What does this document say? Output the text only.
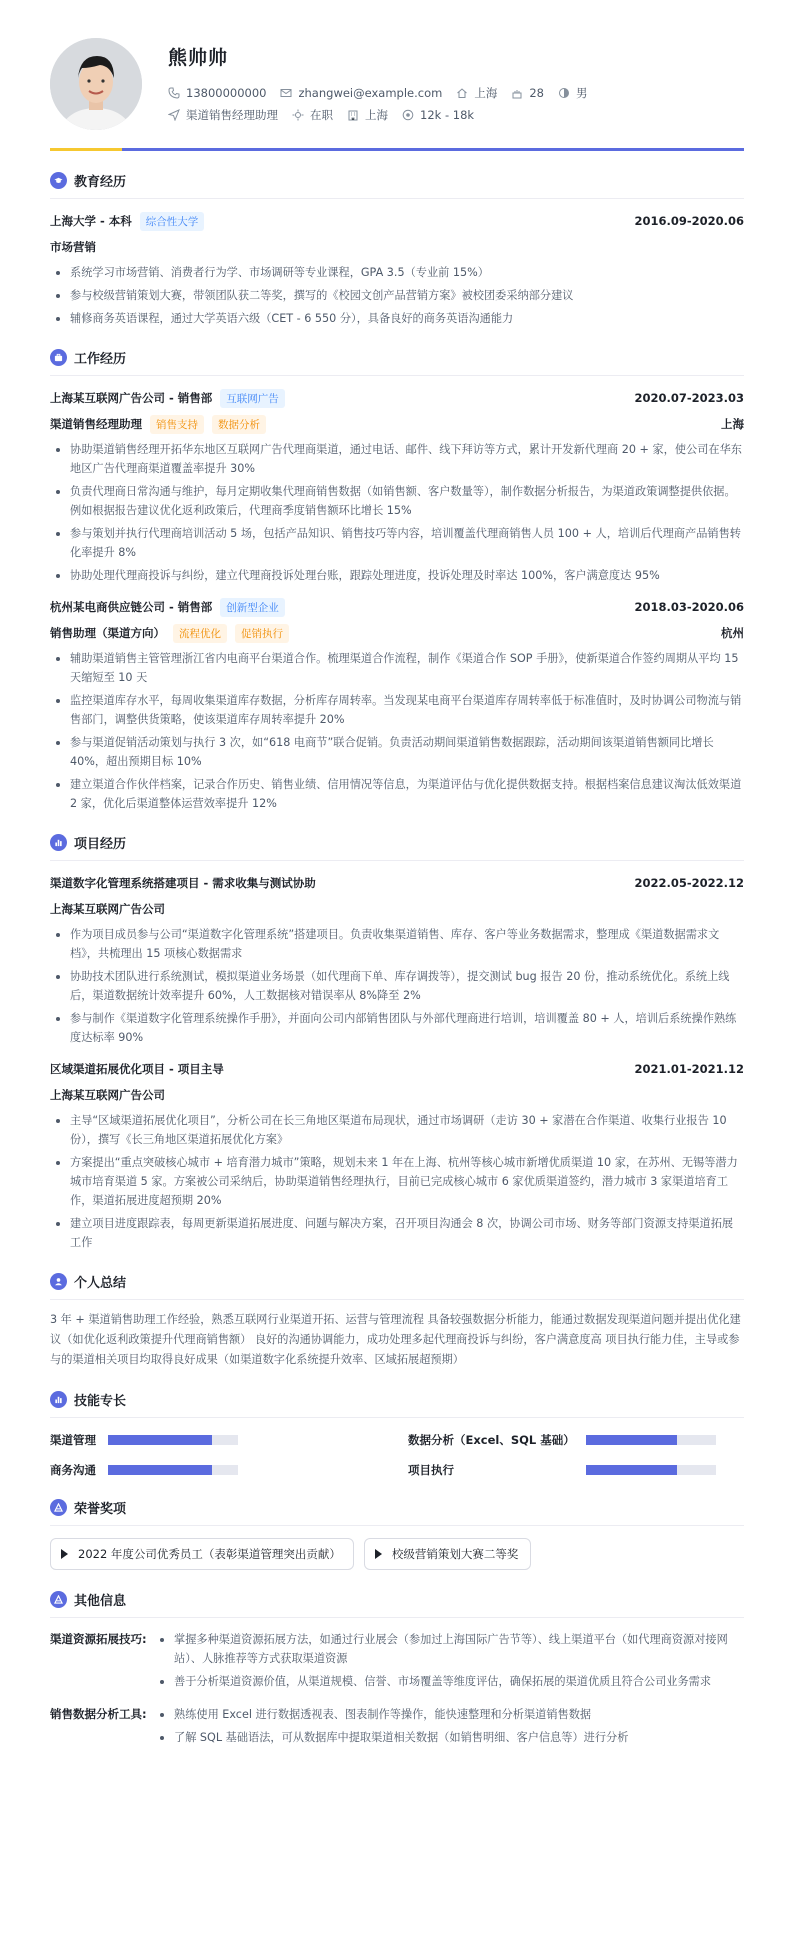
熊帅帅
13800000000	zhangwei@example.com	上海	28	男
渠道销售经理助理	在职	上海	12k - 18k
教育经历
上海大学 - 本科	综合性大学	2016.09-2020.06
市场营销
系统学习市场营销、消费者行为学、市场调研等专业课程，GPA 3.5（专业前 15%）
参与校级营销策划大赛，带领团队获二等奖，撰写的《校园文创产品营销方案》被校团委采纳部分建议
辅修商务英语课程，通过大学英语六级（CET - 6 550 分），具备良好的商务英语沟通能力
工作经历
上海某互联网广告公司 - 销售部	互联网广告	2020.07-2023.03
渠道销售经理助理	销售支持	数据分析	上海
协助渠道销售经理开拓华东地区互联网广告代理商渠道，通过电话、邮件、线下拜访等方式，累计开发新代理商 20 + 家，使公司在华东地区广告代理商渠道覆盖率提升 30%
负责代理商日常沟通与维护，每月定期收集代理商销售数据（如销售额、客户数量等），制作数据分析报告，为渠道政策调整提供依据。例如根据报告建议优化返利政策后，代理商季度销售额环比增长 15%
参与策划并执行代理商培训活动 5 场，包括产品知识、销售技巧等内容，培训覆盖代理商销售人员 100 + 人，培训后代理商产品销售转化率提升 8%
协助处理代理商投诉与纠纷，建立代理商投诉处理台账，跟踪处理进度，投诉处理及时率达 100%，客户满意度达 95%
杭州某电商供应链公司 - 销售部	创新型企业	2018.03-2020.06
销售助理（渠道方向）	流程优化	促销执行	杭州
辅助渠道销售主管管理浙江省内电商平台渠道合作。梳理渠道合作流程，制作《渠道合作 SOP 手册》，使新渠道合作签约周期从平均 15 天缩短至 10 天
监控渠道库存水平，每周收集渠道库存数据，分析库存周转率。当发现某电商平台渠道库存周转率低于标准值时，及时协调公司物流与销售部门，调整供货策略，使该渠道库存周转率提升 20%
参与渠道促销活动策划与执行 3 次，如“618 电商节”联合促销。负责活动期间渠道销售数据跟踪，活动期间该渠道销售额同比增长 40%，超出预期目标 10%
建立渠道合作伙伴档案，记录合作历史、销售业绩、信用情况等信息，为渠道评估与优化提供数据支持。根据档案信息建议淘汰低效渠道 2 家，优化后渠道整体运营效率提升 12%
项目经历
渠道数字化管理系统搭建项目 - 需求收集与测试协助	2022.05-2022.12
上海某互联网广告公司
作为项目成员参与公司“渠道数字化管理系统”搭建项目。负责收集渠道销售、库存、客户等业务数据需求，整理成《渠道数据需求文档》，共梳理出 15 项核心数据需求
协助技术团队进行系统测试，模拟渠道业务场景（如代理商下单、库存调拨等），提交测试 bug 报告 20 份，推动系统优化。系统上线后，渠道数据统计效率提升 60%，人工数据核对错误率从 8%降至 2%
参与制作《渠道数字化管理系统操作手册》，并面向公司内部销售团队与外部代理商进行培训，培训覆盖 80 + 人，培训后系统操作熟练度达标率 90%
区域渠道拓展优化项目 - 项目主导	2021.01-2021.12
上海某互联网广告公司
主导“区域渠道拓展优化项目”，分析公司在长三角地区渠道布局现状，通过市场调研（走访 30 + 家潜在合作渠道、收集行业报告 10 份），撰写《长三角地区渠道拓展优化方案》
方案提出“重点突破核心城市 + 培育潜力城市”策略，规划未来 1 年在上海、杭州等核心城市新增优质渠道 10 家，在苏州、无锡等潜力城市培育渠道 5 家。方案被公司采纳后，协助渠道销售经理执行，目前已完成核心城市 6 家优质渠道签约，潜力城市 3 家渠道培育工作，渠道拓展进度超预期 20%
建立项目进度跟踪表，每周更新渠道拓展进度、问题与解决方案，召开项目沟通会 8 次，协调公司市场、财务等部门资源支持渠道拓展工作
个人总结

3 年 + 渠道销售助理工作经验，熟悉互联网行业渠道开拓、运营与管理流程 具备较强数据分析能力，能通过数据发现渠道问题并提出优化建议（如优化返利政策提升代理商销售额） 良好的沟通协调能力，成功处理多起代理商投诉与纠纷，客户满意度高 项目执行能力佳，主导或参与的渠道相关项目均取得良好成果（如渠道数字化系统提升效率、区域拓展超预期）

技能专长
渠道管理	数据分析（Excel、SQL 基础）
商务沟通	项目执行
荣誉奖项
2022 年度公司优秀员工（表彰渠道管理突出贡献）	校级营销策划大赛二等奖
其他信息
渠道资源拓展技巧:	掌握多种渠道资源拓展方法，如通过行业展会（参加过上海国际广告节等）、线上渠道平台（如代理商资源对接网站）、人脉推荐等方式获取渠道资源
善于分析渠道资源价值，从渠道规模、信誉、市场覆盖等维度评估，确保拓展的渠道优质且符合公司业务需求
销售数据分析工具:	熟练使用 Excel 进行数据透视表、图表制作等操作，能快速整理和分析渠道销售数据
了解 SQL 基础语法，可从数据库中提取渠道相关数据（如销售明细、客户信息等）进行分析
